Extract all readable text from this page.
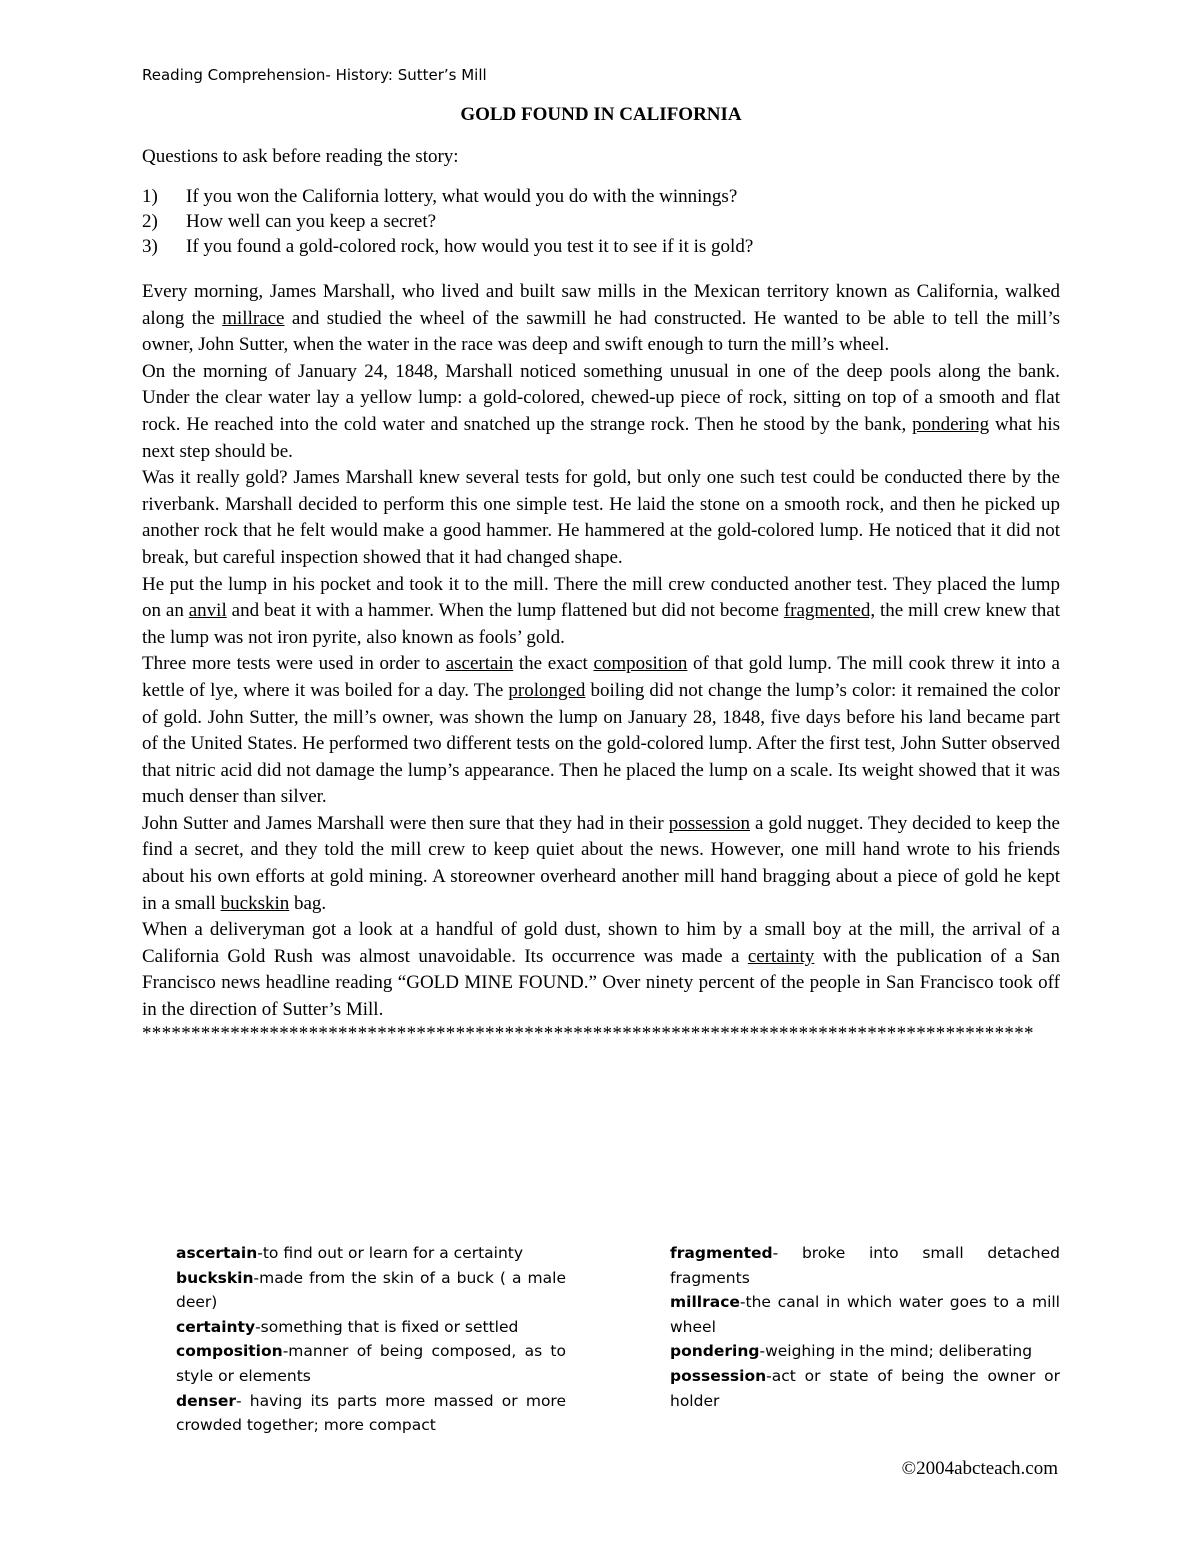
Reading Comprehension- History: Sutter’s Mill
GOLD FOUND IN CALIFORNIA
Questions to ask before reading the story:
1) If you won the California lottery, what would you do with the winnings?
2) How well can you keep a secret?
3) If you found a gold-colored rock, how would you test it to see if it is gold?

Every morning, James Marshall, who lived and built saw mills in the Mexican territory known as California, walked along the millrace and studied the wheel of the sawmill he had constructed. He wanted to be able to tell the mill’s owner, John Sutter, when the water in the race was deep and swift enough to turn the mill’s wheel.

On the morning of January 24, 1848, Marshall noticed something unusual in one of the deep pools along the bank. Under the clear water lay a yellow lump: a gold-colored, chewed-up piece of rock, sitting on top of a smooth and flat rock. He reached into the cold water and snatched up the strange rock. Then he stood by the bank, pondering what his next step should be.

Was it really gold? James Marshall knew several tests for gold, but only one such test could be conducted there by the riverbank. Marshall decided to perform this one simple test. He laid the stone on a smooth rock, and then he picked up another rock that he felt would make a good hammer. He hammered at the gold-colored lump. He noticed that it did not break, but careful inspection showed that it had changed shape.

He put the lump in his pocket and took it to the mill. There the mill crew conducted another test. They placed the lump on an anvil and beat it with a hammer. When the lump flattened but did not become fragmented, the mill crew knew that the lump was not iron pyrite, also known as fools’ gold.

Three more tests were used in order to ascertain the exact composition of that gold lump. The mill cook threw it into a kettle of lye, where it was boiled for a day. The prolonged boiling did not change the lump’s color: it remained the color of gold. John Sutter, the mill’s owner, was shown the lump on January 28, 1848, five days before his land became part of the United States. He performed two different tests on the gold-colored lump. After the first test, John Sutter observed that nitric acid did not damage the lump’s appearance. Then he placed the lump on a scale. Its weight showed that it was much denser than silver.

John Sutter and James Marshall were then sure that they had in their possession a gold nugget. They decided to keep the find a secret, and they told the mill crew to keep quiet about the news. However, one mill hand wrote to his friends about his own efforts at gold mining. A storeowner overheard another mill hand bragging about a piece of gold he kept in a small buckskin bag.

When a deliveryman got a look at a handful of gold dust, shown to him by a small boy at the mill, the arrival of a California Gold Rush was almost unavoidable. Its occurrence was made a certainty with the publication of a San Francisco news headline reading “GOLD MINE FOUND.” Over ninety percent of the people in San Francisco took off in the direction of Sutter’s Mill.

*******************************************************************************************

ascertain-to find out or learn for a certainty

buckskin-made from the skin of a buck ( a male deer)

certainty-something that is fixed or settled

composition-manner of being composed, as to style or elements

denser- having its parts more massed or more crowded together; more compact

fragmented- broke into small detached fragments

millrace-the canal in which water goes to a mill wheel

pondering-weighing in the mind; deliberating

possession-act or state of being the owner or holder

©2004abcteach.com
